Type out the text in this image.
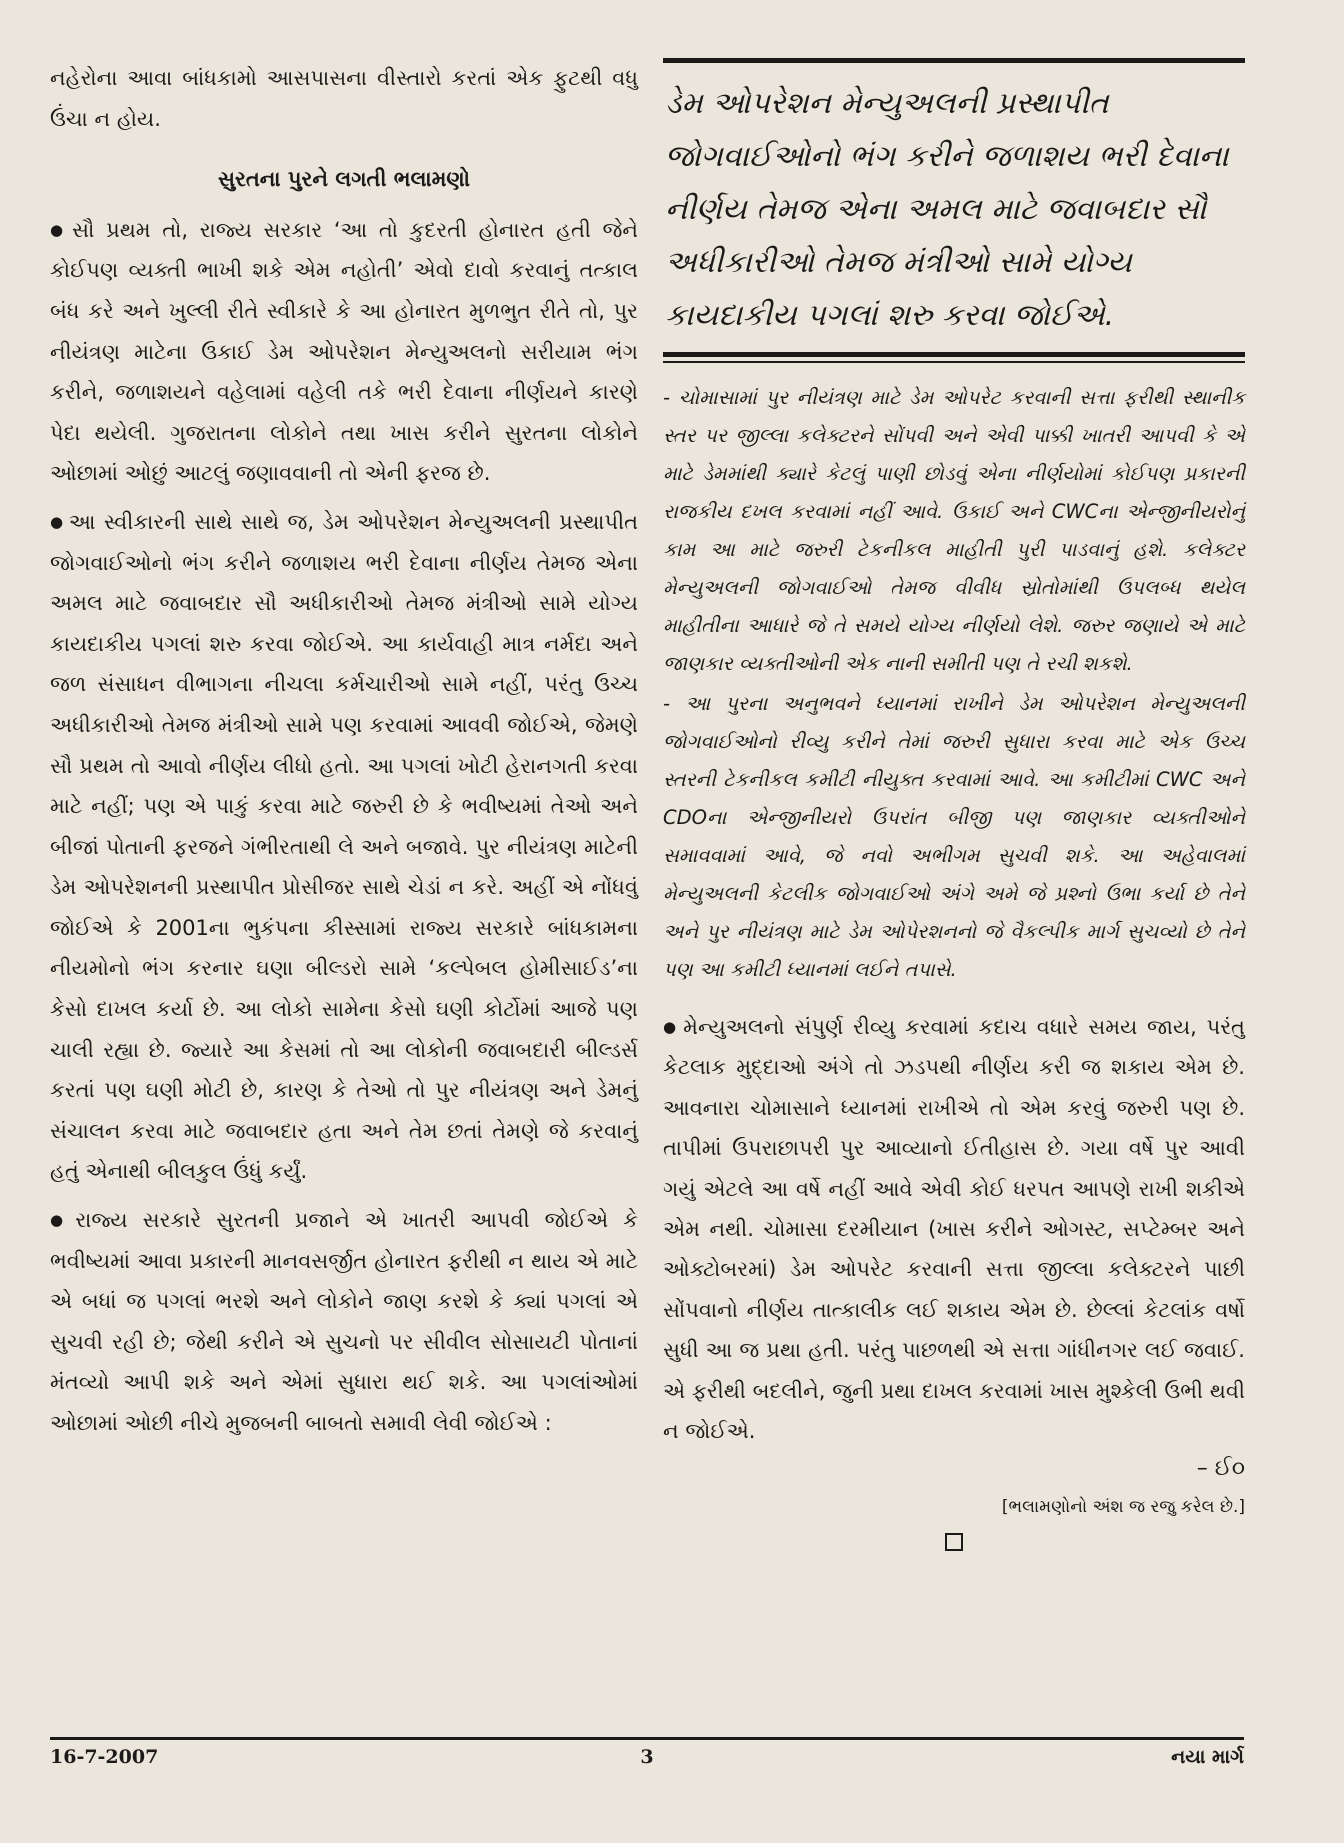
નહેરોના આવા બાંધકામો આસપાસના વીસ્તારો કરતાં એક ફુટથી વધુ ઉંચા ન હોય.

સુરતના પુરને લગતી ભલામણો

● સૌ પ્રથમ તો, રાજ્ય સરકાર ‘આ તો કુદરતી હોનારત હતી જેને કોઈપણ વ્યક્તી ભાખી શકે એમ નહોતી’ એવો દાવો કરવાનું તત્કાલ બંધ કરે અને ખુલ્લી રીતે સ્વીકારે કે આ હોનારત મુળભુત રીતે તો, પુર નીયંત્રણ માટેના ઉકાઈ ડેમ ઓપરેશન મેન્યુઅલનો સરીયામ ભંગ કરીને, જળાશયને વહેલામાં વહેલી તકે ભરી દેવાના નીર્ણયને કારણે પેદા થયેલી. ગુજરાતના લોકોને તથા ખાસ કરીને સુરતના લોકોને ઓછામાં ઓછું આટલું જણાવવાની તો એની ફરજ છે.

● આ સ્વીકારની સાથે સાથે જ, ડેમ ઓપરેશન મેન્યુઅલની પ્રસ્થાપીત જોગવાઈઓનો ભંગ કરીને જળાશય ભરી દેવાના નીર્ણય તેમજ એના અમલ માટે જવાબદાર સૌ અધીકારીઓ તેમજ મંત્રીઓ સામે યોગ્ય કાયદાકીય પગલાં શરુ કરવા જોઈએ. આ કાર્યવાહી માત્ર નર્મદા અને જળ સંસાધન વીભાગના નીચલા કર્મચારીઓ સામે નહીં, પરંતુ ઉચ્ચ અધીકારીઓ તેમજ મંત્રીઓ સામે પણ કરવામાં આવવી જોઈએ, જેમણે સૌ પ્રથમ તો આવો નીર્ણય લીધો હતો. આ પગલાં ખોટી હેરાનગતી કરવા માટે નહીં; પણ એ પાકું કરવા માટે જરુરી છે કે ભવીષ્યમાં તેઓ અને બીજાં પોતાની ફરજને ગંભીરતાથી લે અને બજાવે. પુર નીયંત્રણ માટેની ડેમ ઓપરેશનની પ્રસ્થાપીત પ્રોસીજર સાથે ચેડાં ન કરે. અહીં એ નોંધવું જોઈએ કે 2001ના ભુકંપના કીસ્સામાં રાજ્ય સરકારે બાંધકામના નીયમોનો ભંગ કરનાર ઘણા બીલ્ડરો સામે ‘કલ્પેબલ હોમીસાઈડ’ના કેસો દાખલ કર્યા છે. આ લોકો સામેના કેસો ઘણી કોર્ટોમાં આજે પણ ચાલી રહ્યા છે. જ્યારે આ કેસમાં તો આ લોકોની જવાબદારી બીલ્ડર્સ કરતાં પણ ઘણી મોટી છે, કારણ કે તેઓ તો પુર નીયંત્રણ અને ડેમનું સંચાલન કરવા માટે જવાબદાર હતા અને તેમ છતાં તેમણે જે કરવાનું હતું એનાથી બીલકુલ ઉંધું કર્યું.

● રાજ્ય સરકારે સુરતની પ્રજાને એ ખાતરી આપવી જોઈએ કે ભવીષ્યમાં આવા પ્રકારની માનવસર્જીત હોનારત ફરીથી ન થાય એ માટે એ બધાં જ પગલાં ભરશે અને લોકોને જાણ કરશે કે ક્યાં પગલાં એ સુચવી રહી છે; જેથી કરીને એ સુચનો પર સીવીલ સોસાયટી પોતાનાં મંતવ્યો આપી શકે અને એમાં સુધારા થઈ શકે. આ પગલાંઓમાં ઓછામાં ઓછી નીચે મુજબની બાબતો સમાવી લેવી જોઈએ :

ડેમ ઓપરેશન મેન્યુઅલની પ્રસ્થાપીત જોગવાઈઓનો ભંગ કરીને જળાશય ભરી દેવાના નીર્ણય તેમજ એના અમલ માટે જવાબદાર સૌ અધીકારીઓ તેમજ મંત્રીઓ સામે યોગ્ય કાયદાકીય પગલાં શરુ કરવા જોઈએ.

- ચોમાસામાં પુર નીયંત્રણ માટે ડેમ ઓપરેટ કરવાની સત્તા ફરીથી સ્થાનીક સ્તર પર જીલ્લા કલેક્ટરને સોંપવી અને એવી પાક્કી ખાતરી આપવી કે એ માટે ડેમમાંથી ક્યારે કેટલું પાણી છોડવું એના નીર્ણયોમાં કોઈપણ પ્રકારની રાજકીય દખલ કરવામાં નહીં આવે. ઉકાઈ અને CWCના એન્જીનીયરોનું કામ આ માટે જરુરી ટેકનીકલ માહીતી પુરી પાડવાનું હશે. કલેક્ટર મેન્યુઅલની જોગવાઈઓ તેમજ વીવીધ સ્રોતોમાંથી ઉપલબ્ધ થયેલ માહીતીના આધારે જે તે સમયે યોગ્ય નીર્ણયો લેશે. જરુર જણાયે એ માટે જાણકાર વ્યક્તીઓની એક નાની સમીતી પણ તે રચી શકશે.

- આ પુરના અનુભવને ધ્યાનમાં રાખીને ડેમ ઓપરેશન મેન્યુઅલની જોગવાઈઓનો રીવ્યુ કરીને તેમાં જરુરી સુધારા કરવા માટે એક ઉચ્ચ સ્તરની ટેકનીકલ કમીટી નીયુક્ત કરવામાં આવે. આ કમીટીમાં CWC અને CDOના એન્જીનીયરો ઉપરાંત બીજી પણ જાણકાર વ્યક્તીઓને સમાવવામાં આવે, જે નવો અભીગમ સુચવી શકે. આ અહેવાલમાં મેન્યુઅલની કેટલીક જોગવાઈઓ અંગે અમે જે પ્રશ્નો ઉભા કર્યા છે તેને અને પુર નીયંત્રણ માટે ડેમ ઓપેરશનનો જે વૈકલ્પીક માર્ગ સુચવ્યો છે તેને પણ આ કમીટી ધ્યાનમાં લઈને તપાસે.

● મેન્યુઅલનો સંપુર્ણ રીવ્યુ કરવામાં કદાચ વધારે સમય જાય, પરંતુ કેટલાક મુદ્દાઓ અંગે તો ઝડપથી નીર્ણય કરી જ શકાય એમ છે. આવનારા ચોમાસાને ધ્યાનમાં રાખીએ તો એમ કરવું જરુરી પણ છે. તાપીમાં ઉપરાછાપરી પુર આવ્યાનો ઈતીહાસ છે. ગયા વર્ષે પુર આવી ગયું એટલે આ વર્ષે નહીં આવે એવી કોઈ ધરપત આપણે રાખી શકીએ એમ નથી. ચોમાસા દરમીયાન (ખાસ કરીને ઓગસ્ટ, સપ્ટેમ્બર અને ઓક્ટોબરમાં) ડેમ ઓપરેટ કરવાની સત્તા જીલ્લા કલેક્ટરને પાછી સોંપવાનો નીર્ણય તાત્કાલીક લઈ શકાય એમ છે. છેલ્લાં કેટલાંક વર્ષો સુધી આ જ પ્રથા હતી. પરંતુ પાછળથી એ સત્તા ગાંધીનગર લઈ જવાઈ. એ ફરીથી બદલીને, જુની પ્રથા દાખલ કરવામાં ખાસ મુશ્કેલી ઉભી થવી ન જોઈએ.

– ઈ૦
[ભલામણોનો અંશ જ રજુ કરેલ છે.]
16-7-2007	3	નયા માર્ગ
